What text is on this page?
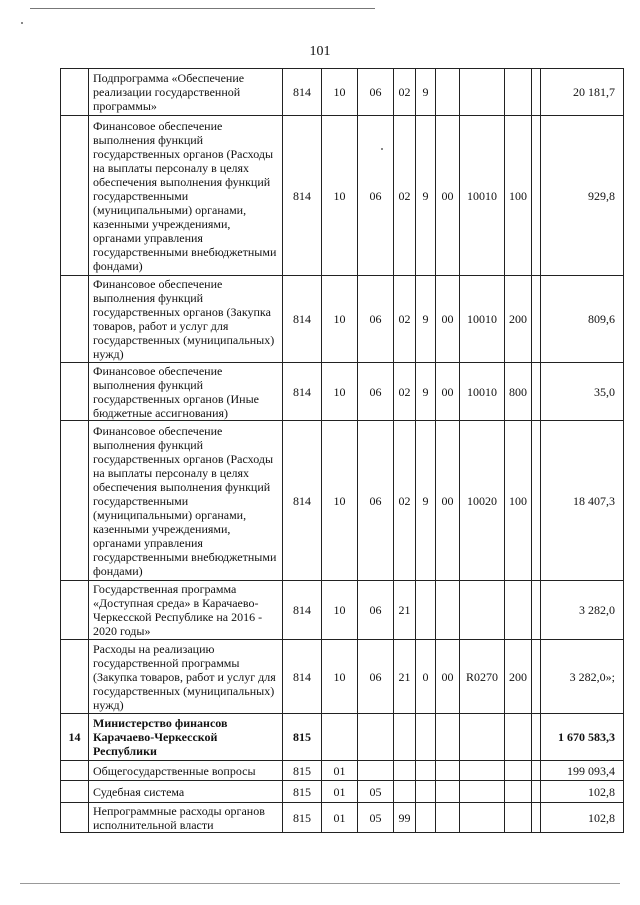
101
	Подпрограмма «Обеспечение реализации государственной программы»	814	10	06	02	9					20 181,7
	Финансовое обеспечение выполнения функций государственных органов (Расходы на выплаты персоналу в целях обеспечения выполнения функций государственными (муниципальными) органами, казенными учреждениями, органами управления государственными внебюджетными фондами)	814	10	06	02	9	00	10010	100		929,8
	Финансовое обеспечение выполнения функций государственных органов (Закупка товаров, работ и услуг для государственных (муниципальных) нужд)	814	10	06	02	9	00	10010	200		809,6
	Финансовое обеспечение выполнения функций государственных органов (Иные бюджетные ассигнования)	814	10	06	02	9	00	10010	800		35,0
	Финансовое обеспечение выполнения функций государственных органов (Расходы на выплаты персоналу в целях обеспечения выполнения функций государственными (муниципальными) органами, казенными учреждениями, органами управления государственными внебюджетными фондами)	814	10	06	02	9	00	10020	100		18 407,3
	Государственная программа «Доступная среда» в Карачаево-Черкесской Республике на 2016 - 2020 годы»	814	10	06	21						3 282,0
	Расходы на реализацию государственной программы (Закупка товаров, работ и услуг для государственных (муниципальных) нужд)	814	10	06	21	0	00	R0270	200		3 282,0»;
14	Министерство финансов Карачаево-Черкесской Республики	815									1 670 583,3
	Общегосударственные вопросы	815	01								199 093,4
	Судебная система	815	01	05							102,8
	Непрограммные расходы органов исполнительной власти	815	01	05	99						102,8
